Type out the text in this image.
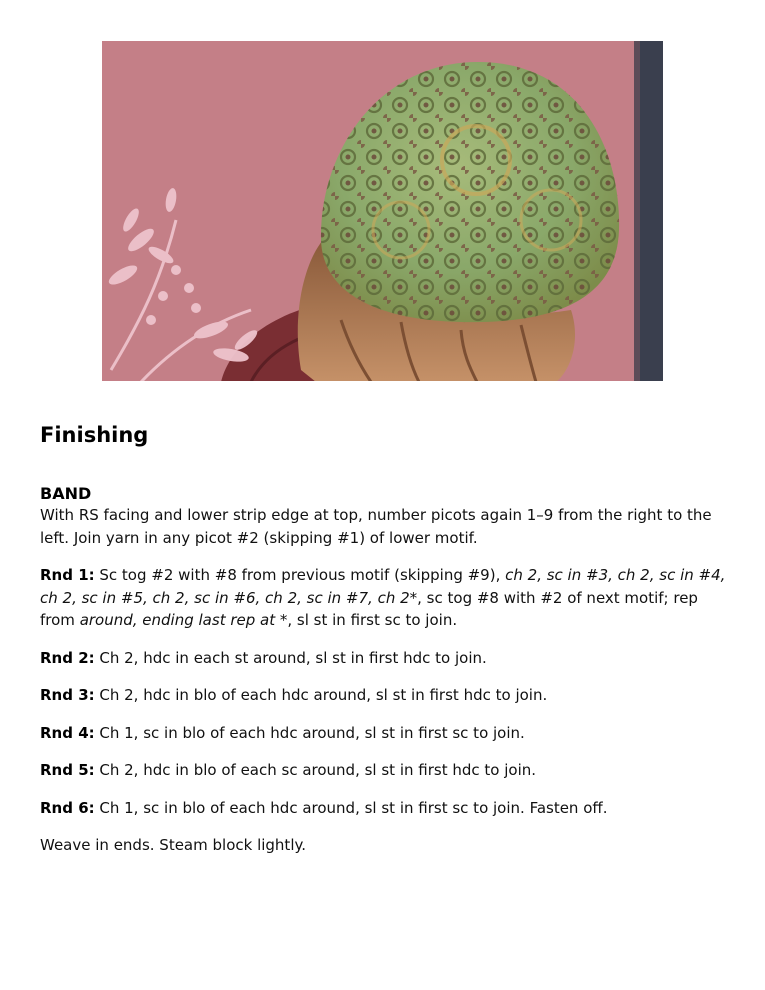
Finishing
BAND

With RS facing and lower strip edge at top, number picots again 1–9 from the right to the left. Join yarn in any picot #2 (skipping #1) of lower motif.

Rnd 1: Sc tog #2 with #8 from previous motif (skipping #9), ch 2, sc in #3, ch 2, sc in #4, ch 2, sc in #5, ch 2, sc in #6, ch 2, sc in #7, ch 2*, sc tog #8 with #2 of next motif; rep from around, ending last rep at *, sl st in first sc to join.

Rnd 2: Ch 2, hdc in each st around, sl st in first hdc to join.

Rnd 3: Ch 2, hdc in blo of each hdc around, sl st in first hdc to join.

Rnd 4: Ch 1, sc in blo of each hdc around, sl st in first sc to join.

Rnd 5: Ch 2, hdc in blo of each sc around, sl st in first hdc to join.

Rnd 6: Ch 1, sc in blo of each hdc around, sl st in first sc to join. Fasten off.

Weave in ends. Steam block lightly.
